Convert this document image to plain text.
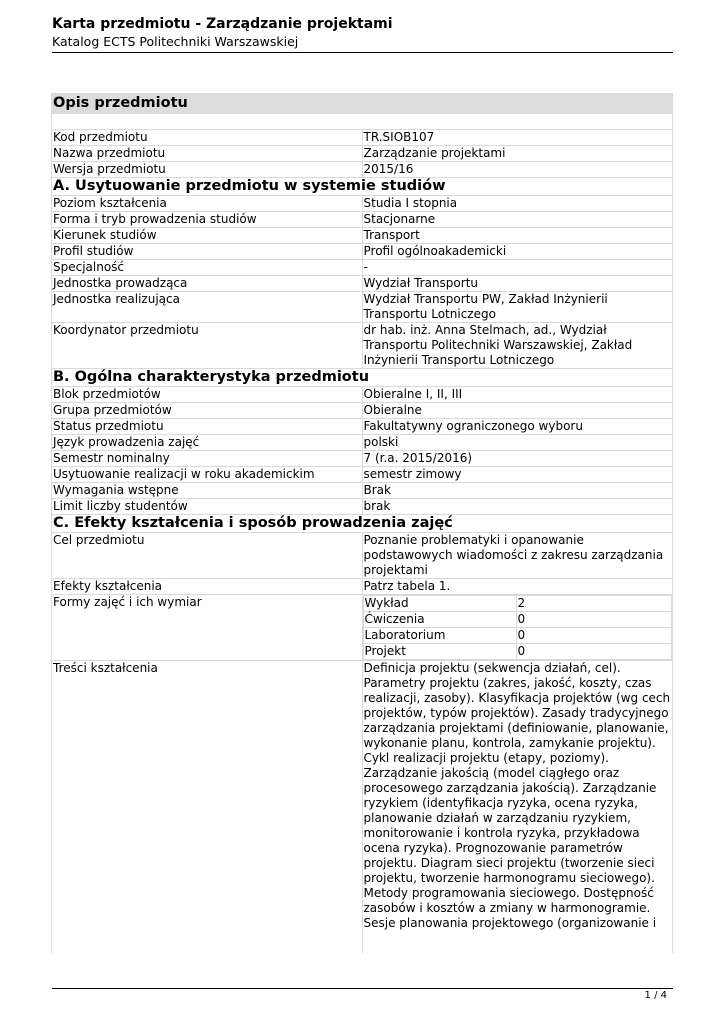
Karta przedmiotu - Zarządzanie projektami
Katalog ECTS Politechniki Warszawskiej
Opis przedmiotu

Kod przedmiotu	TR.SIOB107
Nazwa przedmiotu	Zarządzanie projektami
Wersja przedmiotu	2015/16
A. Usytuowanie przedmiotu w systemie studiów
Poziom kształcenia	Studia I stopnia
Forma i tryb prowadzenia studiów	Stacjonarne
Kierunek studiów	Transport
Profil studiów	Profil ogólnoakademicki
Specjalność	-
Jednostka prowadząca	Wydział Transportu
Jednostka realizująca	Wydział Transportu PW, Zakład Inżynierii Transportu Lotniczego
Koordynator przedmiotu	dr hab. inż. Anna Stelmach, ad., Wydział Transportu Politechniki Warszawskiej, Zakład Inżynierii Transportu Lotniczego
B. Ogólna charakterystyka przedmiotu
Blok przedmiotów	Obieralne I, II, III
Grupa przedmiotów	Obieralne
Status przedmiotu	Fakultatywny ograniczonego wyboru
Język prowadzenia zajęć	polski
Semestr nominalny	7 (r.a. 2015/2016)
Usytuowanie realizacji w roku akademickim	semestr zimowy
Wymagania wstępne	Brak
Limit liczby studentów	brak
C. Efekty kształcenia i sposób prowadzenia zajęć
Cel przedmiotu	Poznanie problematyki i opanowanie podstawowych wiadomości z zakresu zarządzania projektami
Efekty kształcenia	Patrz tabela 1.
Formy zajęć i ich wymiar		Wykład	2
Ćwiczenia	0
Laboratorium	0
Projekt	0

Treści kształcenia	Definicja projektu (sekwencja działań, cel). Parametry projektu (zakres, jakość, koszty, czas realizacji, zasoby). Klasyfikacja projektów (wg cech projektów, typów projektów). Zasady tradycyjnego zarządzania projektami (definiowanie, planowanie, wykonanie planu, kontrola, zamykanie projektu). Cykl realizacji projektu (etapy, poziomy). Zarządzanie jakością (model ciągłego oraz procesowego zarządzania jakością). Zarządzanie ryzykiem (identyfikacja ryzyka, ocena ryzyka, planowanie działań w zarządzaniu ryzykiem, monitorowanie i kontrola ryzyka, przykładowa ocena ryzyka). Prognozowanie parametrów projektu. Diagram sieci projektu (tworzenie sieci projektu, tworzenie harmonogramu sieciowego). Metody programowania sieciowego. Dostępność zasobów i kosztów a zmiany w harmonogramie. Sesje planowania projektowego (organizowanie i
1 / 4
